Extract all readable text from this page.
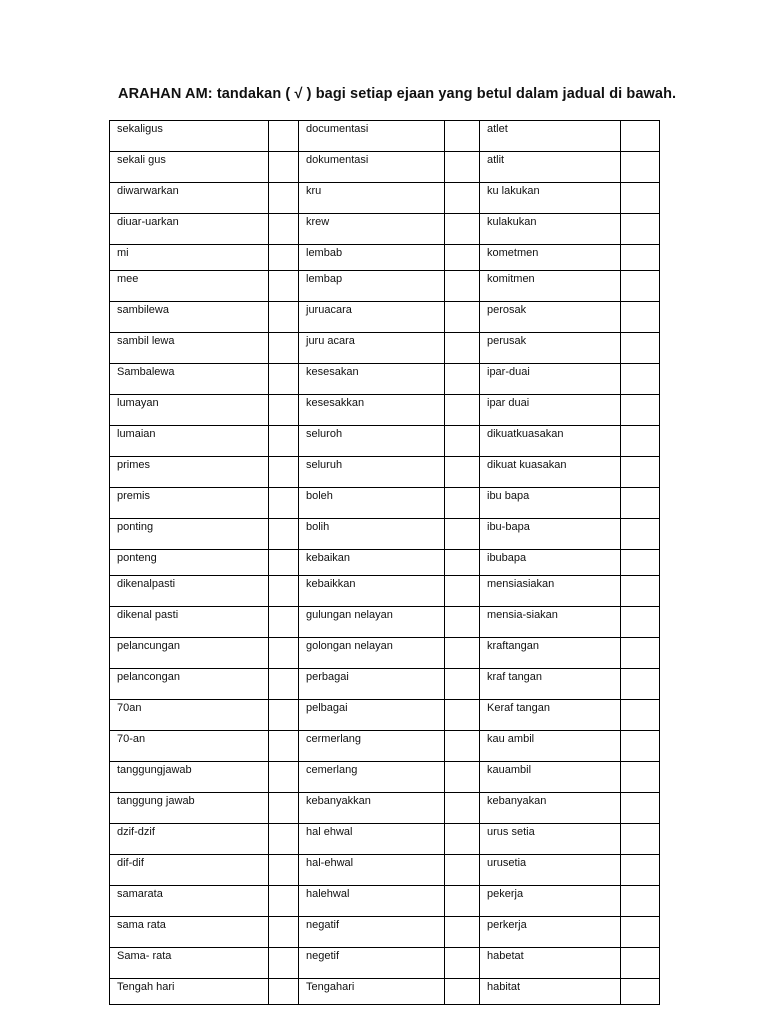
ARAHAN AM: tandakan ( √ ) bagi setiap ejaan yang betul dalam jadual di bawah.
sekaligus		documentasi		atlet	
sekali gus		dokumentasi		atlit	
diwarwarkan		kru		ku lakukan	
diuar-uarkan		krew		kulakukan	
mi		lembab		kometmen	
mee		lembap		komitmen	
sambilewa		juruacara		perosak	
sambil lewa		juru acara		perusak	
Sambalewa		kesesakan		ipar-duai	
lumayan		kesesakkan		ipar duai	
lumaian		seluroh		dikuatkuasakan	
primes		seluruh		dikuat kuasakan	
premis		boleh		ibu bapa	
ponting		bolih		ibu-bapa	
ponteng		kebaikan		ibubapa	
dikenalpasti		kebaikkan		mensiasiakan	
dikenal pasti		gulungan nelayan		mensia-siakan	
pelancungan		golongan nelayan		kraftangan	
pelancongan		perbagai		kraf tangan	
70an		pelbagai		Keraf tangan	
70-an		cermerlang		kau ambil	
tanggungjawab		cemerlang		kauambil	
tanggung jawab		kebanyakkan		kebanyakan	
dzif-dzif		hal ehwal		urus setia	
dif-dif		hal-ehwal		urusetia	
samarata		halehwal		pekerja	
sama rata		negatif		perkerja	
Sama- rata		negetif		habetat	
Tengah hari		Tengahari		habitat	
